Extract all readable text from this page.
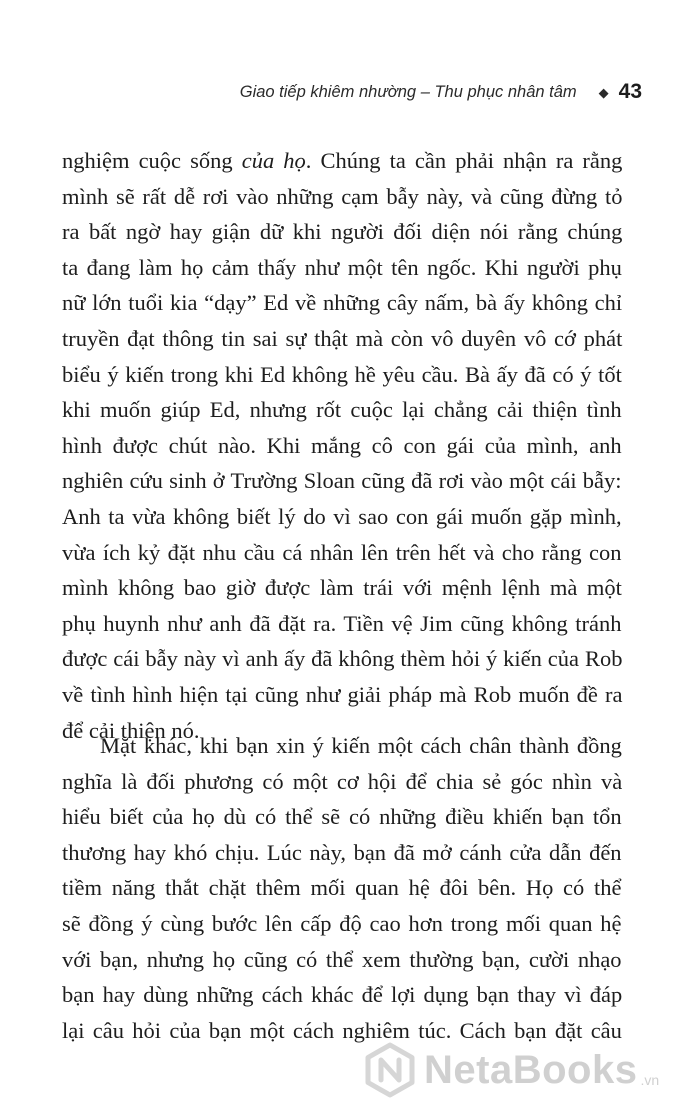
Giao tiếp khiêm nhường – Thu phục nhân tâm ◆ 43
nghiệm cuộc sống của họ. Chúng ta cần phải nhận ra rằng
mình sẽ rất dễ rơi vào những cạm bẫy này, và cũng đừng tỏ
ra bất ngờ hay giận dữ khi người đối diện nói rằng chúng
ta đang làm họ cảm thấy như một tên ngốc. Khi người phụ
nữ lớn tuổi kia “dạy” Ed về những cây nấm, bà ấy không chỉ
truyền đạt thông tin sai sự thật mà còn vô duyên vô cớ phát
biểu ý kiến trong khi Ed không hề yêu cầu. Bà ấy đã có ý tốt
khi muốn giúp Ed, nhưng rốt cuộc lại chẳng cải thiện tình
hình được chút nào. Khi mắng cô con gái của mình, anh
nghiên cứu sinh ở Trường Sloan cũng đã rơi vào một cái bẫy:
Anh ta vừa không biết lý do vì sao con gái muốn gặp mình,
vừa ích kỷ đặt nhu cầu cá nhân lên trên hết và cho rằng con
mình không bao giờ được làm trái với mệnh lệnh mà một
phụ huynh như anh đã đặt ra. Tiền vệ Jim cũng không tránh
được cái bẫy này vì anh ấy đã không thèm hỏi ý kiến của Rob
về tình hình hiện tại cũng như giải pháp mà Rob muốn đề ra
để cải thiện nó.
Mặt khác, khi bạn xin ý kiến một cách chân thành đồng
nghĩa là đối phương có một cơ hội để chia sẻ góc nhìn và
hiểu biết của họ dù có thể sẽ có những điều khiến bạn tổn
thương hay khó chịu. Lúc này, bạn đã mở cánh cửa dẫn đến
tiềm năng thắt chặt thêm mối quan hệ đôi bên. Họ có thể
sẽ đồng ý cùng bước lên cấp độ cao hơn trong mối quan hệ
với bạn, nhưng họ cũng có thể xem thường bạn, cười nhạo
bạn hay dùng những cách khác để lợi dụng bạn thay vì đáp
lại câu hỏi của bạn một cách nghiêm túc. Cách bạn đặt câu
NetaBooks .vn
